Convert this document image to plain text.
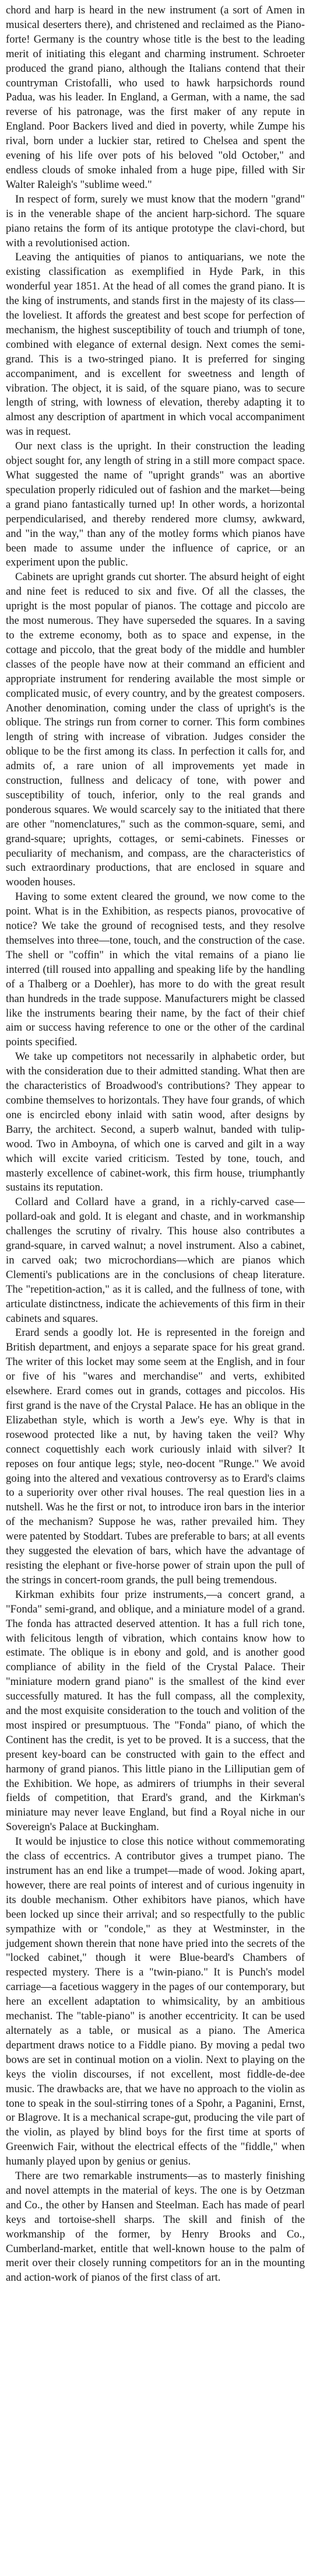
chord and harp is heard in the new instrument (a sort of Amen in musical deserters there), and christened and reclaimed as the Piano-forte! Germany is the country whose title is the best to the leading merit of initiating this elegant and charming instrument. Schroeter produced the grand piano, although the Italians contend that their countryman Cristofalli, who used to hawk harpsichords round Padua, was his leader. In England, a German, with a name, the sad reverse of his patronage, was the first maker of any repute in England. Poor Backers lived and died in poverty, while Zumpe his rival, born under a luckier star, retired to Chelsea and spent the evening of his life over pots of his beloved "old October," and endless clouds of smoke inhaled from a huge pipe, filled with Sir Walter Raleigh's "sublime weed."

In respect of form, surely we must know that the modern "grand" is in the venerable shape of the ancient harp-sichord. The square piano retains the form of its antique prototype the clavi-chord, but with a revolutionised action.

Leaving the antiquities of pianos to antiquarians, we note the existing classification as exemplified in Hyde Park, in this wonderful year 1851. At the head of all comes the grand piano. It is the king of instruments, and stands first in the majesty of its class—the loveliest. It affords the greatest and best scope for perfection of mechanism, the highest susceptibility of touch and triumph of tone, combined with elegance of external design. Next comes the semi-grand. This is a two-stringed piano. It is preferred for singing accompaniment, and is excellent for sweetness and length of vibration. The object, it is said, of the square piano, was to secure length of string, with lowness of elevation, thereby adapting it to almost any description of apartment in which vocal accompaniment was in request.

Our next class is the upright. In their construction the leading object sought for, any length of string in a still more compact space. What suggested the name of "upright grands" was an abortive speculation properly ridiculed out of fashion and the market—being a grand piano fantastically turned up! In other words, a horizontal perpendicularised, and thereby rendered more clumsy, awkward, and "in the way," than any of the motley forms which pianos have been made to assume under the influence of caprice, or an experiment upon the public.

Cabinets are upright grands cut shorter. The absurd height of eight and nine feet is reduced to six and five. Of all the classes, the upright is the most popular of pianos. The cottage and piccolo are the most numerous. They have superseded the squares. In a saving to the extreme economy, both as to space and expense, in the cottage and piccolo, that the great body of the middle and humbler classes of the people have now at their command an efficient and appropriate instrument for rendering available the most simple or complicated music, of every country, and by the greatest composers. Another denomination, coming under the class of upright's is the oblique. The strings run from corner to corner. This form combines length of string with increase of vibration. Judges consider the oblique to be the first among its class. In perfection it calls for, and admits of, a rare union of all improvements yet made in construction, fullness and delicacy of tone, with power and susceptibility of touch, inferior, only to the real grands and ponderous squares. We would scarcely say to the initiated that there are other "nomenclatures," such as the common-square, semi, and grand-square; uprights, cottages, or semi-cabinets. Finesses or peculiarity of mechanism, and compass, are the characteristics of such extraordinary productions, that are enclosed in square and wooden houses.

Having to some extent cleared the ground, we now come to the point. What is in the Exhibition, as respects pianos, provocative of notice? We take the ground of recognised tests, and they resolve themselves into three—tone, touch, and the construction of the case. The shell or "coffin" in which the vital remains of a piano lie interred (till roused into appalling and speaking life by the handling of a Thalberg or a Doehler), has more to do with the great result than hundreds in the trade suppose. Manufacturers might be classed like the instruments bearing their name, by the fact of their chief aim or success having reference to one or the other of the cardinal points specified.

We take up competitors not necessarily in alphabetic order, but with the consideration due to their admitted standing. What then are the characteristics of Broadwood's contributions? They appear to combine themselves to horizontals. They have four grands, of which one is encircled ebony inlaid with satin wood, after designs by Barry, the architect. Second, a superb walnut, banded with tulip-wood. Two in Amboyna, of which one is carved and gilt in a way which will excite varied criticism. Tested by tone, touch, and masterly excellence of cabinet-work, this firm house, triumphantly sustains its reputation.

Collard and Collard have a grand, in a richly-carved case—pollard-oak and gold. It is elegant and chaste, and in workmanship challenges the scrutiny of rivalry. This house also contributes a grand-square, in carved walnut; a novel instrument. Also a cabinet, in carved oak; two microchordians—which are pianos which Clementi's publications are in the conclusions of cheap literature. The "repetition-action," as it is called, and the fullness of tone, with articulate distinctness, indicate the achievements of this firm in their cabinets and squares.

Erard sends a goodly lot. He is represented in the foreign and British department, and enjoys a separate space for his great grand. The writer of this locket may some seem at the English, and in four or five of his "wares and merchandise" and verts, exhibited elsewhere. Erard comes out in grands, cottages and piccolos. His first grand is the nave of the Crystal Palace. He has an oblique in the Elizabethan style, which is worth a Jew's eye. Why is that in rosewood protected like a nut, by having taken the veil? Why connect coquettishly each work curiously inlaid with silver? It reposes on four antique legs; style, neo-docent "Runge." We avoid going into the altered and vexatious controversy as to Erard's claims to a superiority over other rival houses. The real question lies in a nutshell. Was he the first or not, to introduce iron bars in the interior of the mechanism? Suppose he was, rather prevailed him. They were patented by Stoddart. Tubes are preferable to bars; at all events they suggested the elevation of bars, which have the advantage of resisting the elephant or five-horse power of strain upon the pull of the strings in concert-room grands, the pull being tremendous.

Kirkman exhibits four prize instruments,—a concert grand, a "Fonda" semi-grand, and oblique, and a miniature model of a grand. The fonda has attracted deserved attention. It has a full rich tone, with felicitous length of vibration, which contains know how to estimate. The oblique is in ebony and gold, and is another good compliance of ability in the field of the Crystal Palace. Their "miniature modern grand piano" is the smallest of the kind ever successfully matured. It has the full compass, all the complexity, and the most exquisite consideration to the touch and volition of the most inspired or presumptuous. The "Fonda" piano, of which the Continent has the credit, is yet to be proved. It is a success, that the present key-board can be constructed with gain to the effect and harmony of grand pianos. This little piano in the Lilliputian gem of the Exhibition. We hope, as admirers of triumphs in their several fields of competition, that Erard's grand, and the Kirkman's miniature may never leave England, but find a Royal niche in our Sovereign's Palace at Buckingham.

It would be injustice to close this notice without commemorating the class of eccentrics. A contributor gives a trumpet piano. The instrument has an end like a trumpet—made of wood. Joking apart, however, there are real points of interest and of curious ingenuity in its double mechanism. Other exhibitors have pianos, which have been locked up since their arrival; and so respectfully to the public sympathize with or "condole," as they at Westminster, in the judgement shown therein that none have pried into the secrets of the "locked cabinet," though it were Blue-beard's Chambers of respected mystery. There is a "twin-piano." It is Punch's model carriage—a facetious waggery in the pages of our contemporary, but here an excellent adaptation to whimsicality, by an ambitious mechanist. The "table-piano" is another eccentricity. It can be used alternately as a table, or musical as a piano. The America department draws notice to a Fiddle piano. By moving a pedal two bows are set in continual motion on a violin. Next to playing on the keys the violin discourses, if not excellent, most fiddle-de-dee music. The drawbacks are, that we have no approach to the violin as tone to speak in the soul-stirring tones of a Spohr, a Paganini, Ernst, or Blagrove. It is a mechanical scrape-gut, producing the vile part of the violin, as played by blind boys for the first time at sports of Greenwich Fair, without the electrical effects of the "fiddle," when humanly played upon by genius or genius.

There are two remarkable instruments—as to masterly finishing and novel attempts in the material of keys. The one is by Oetzman and Co., the other by Hansen and Steelman. Each has made of pearl keys and tortoise-shell sharps. The skill and finish of the workmanship of the former, by Henry Brooks and Co., Cumberland-market, entitle that well-known house to the palm of merit over their closely running competitors for an in the mounting and action-work of pianos of the first class of art.
